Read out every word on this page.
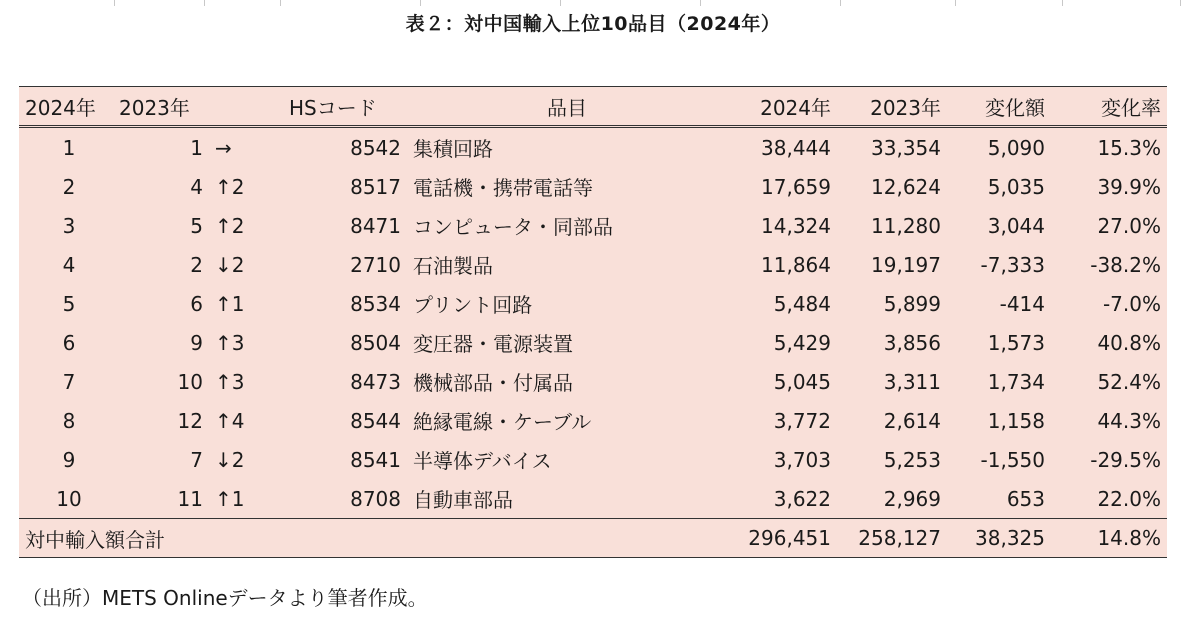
表２：対中国輸入上位10品目（2024年）
2024年	2023年		HSコード	品目	2024年	2023年	変化額	変化率
1	1	→	8542	集積回路	38,444	33,354	5,090	15.3%
2	4	↑2	8517	電話機・携帯電話等	17,659	12,624	5,035	39.9%
3	5	↑2	8471	コンピュータ・同部品	14,324	11,280	3,044	27.0%
4	2	↓2	2710	石油製品	11,864	19,197	-7,333	-38.2%
5	6	↑1	8534	プリント回路	5,484	5,899	-414	-7.0%
6	9	↑3	8504	変圧器・電源装置	5,429	3,856	1,573	40.8%
7	10	↑3	8473	機械部品・付属品	5,045	3,311	1,734	52.4%
8	12	↑4	8544	絶縁電線・ケーブル	3,772	2,614	1,158	44.3%
9	7	↓2	8541	半導体デバイス	3,703	5,253	-1,550	-29.5%
10	11	↑1	8708	自動車部品	3,622	2,969	653	22.0%
対中輸入額合計					296,451	258,127	38,325	14.8%
（出所）METS Onlineデータより筆者作成。
